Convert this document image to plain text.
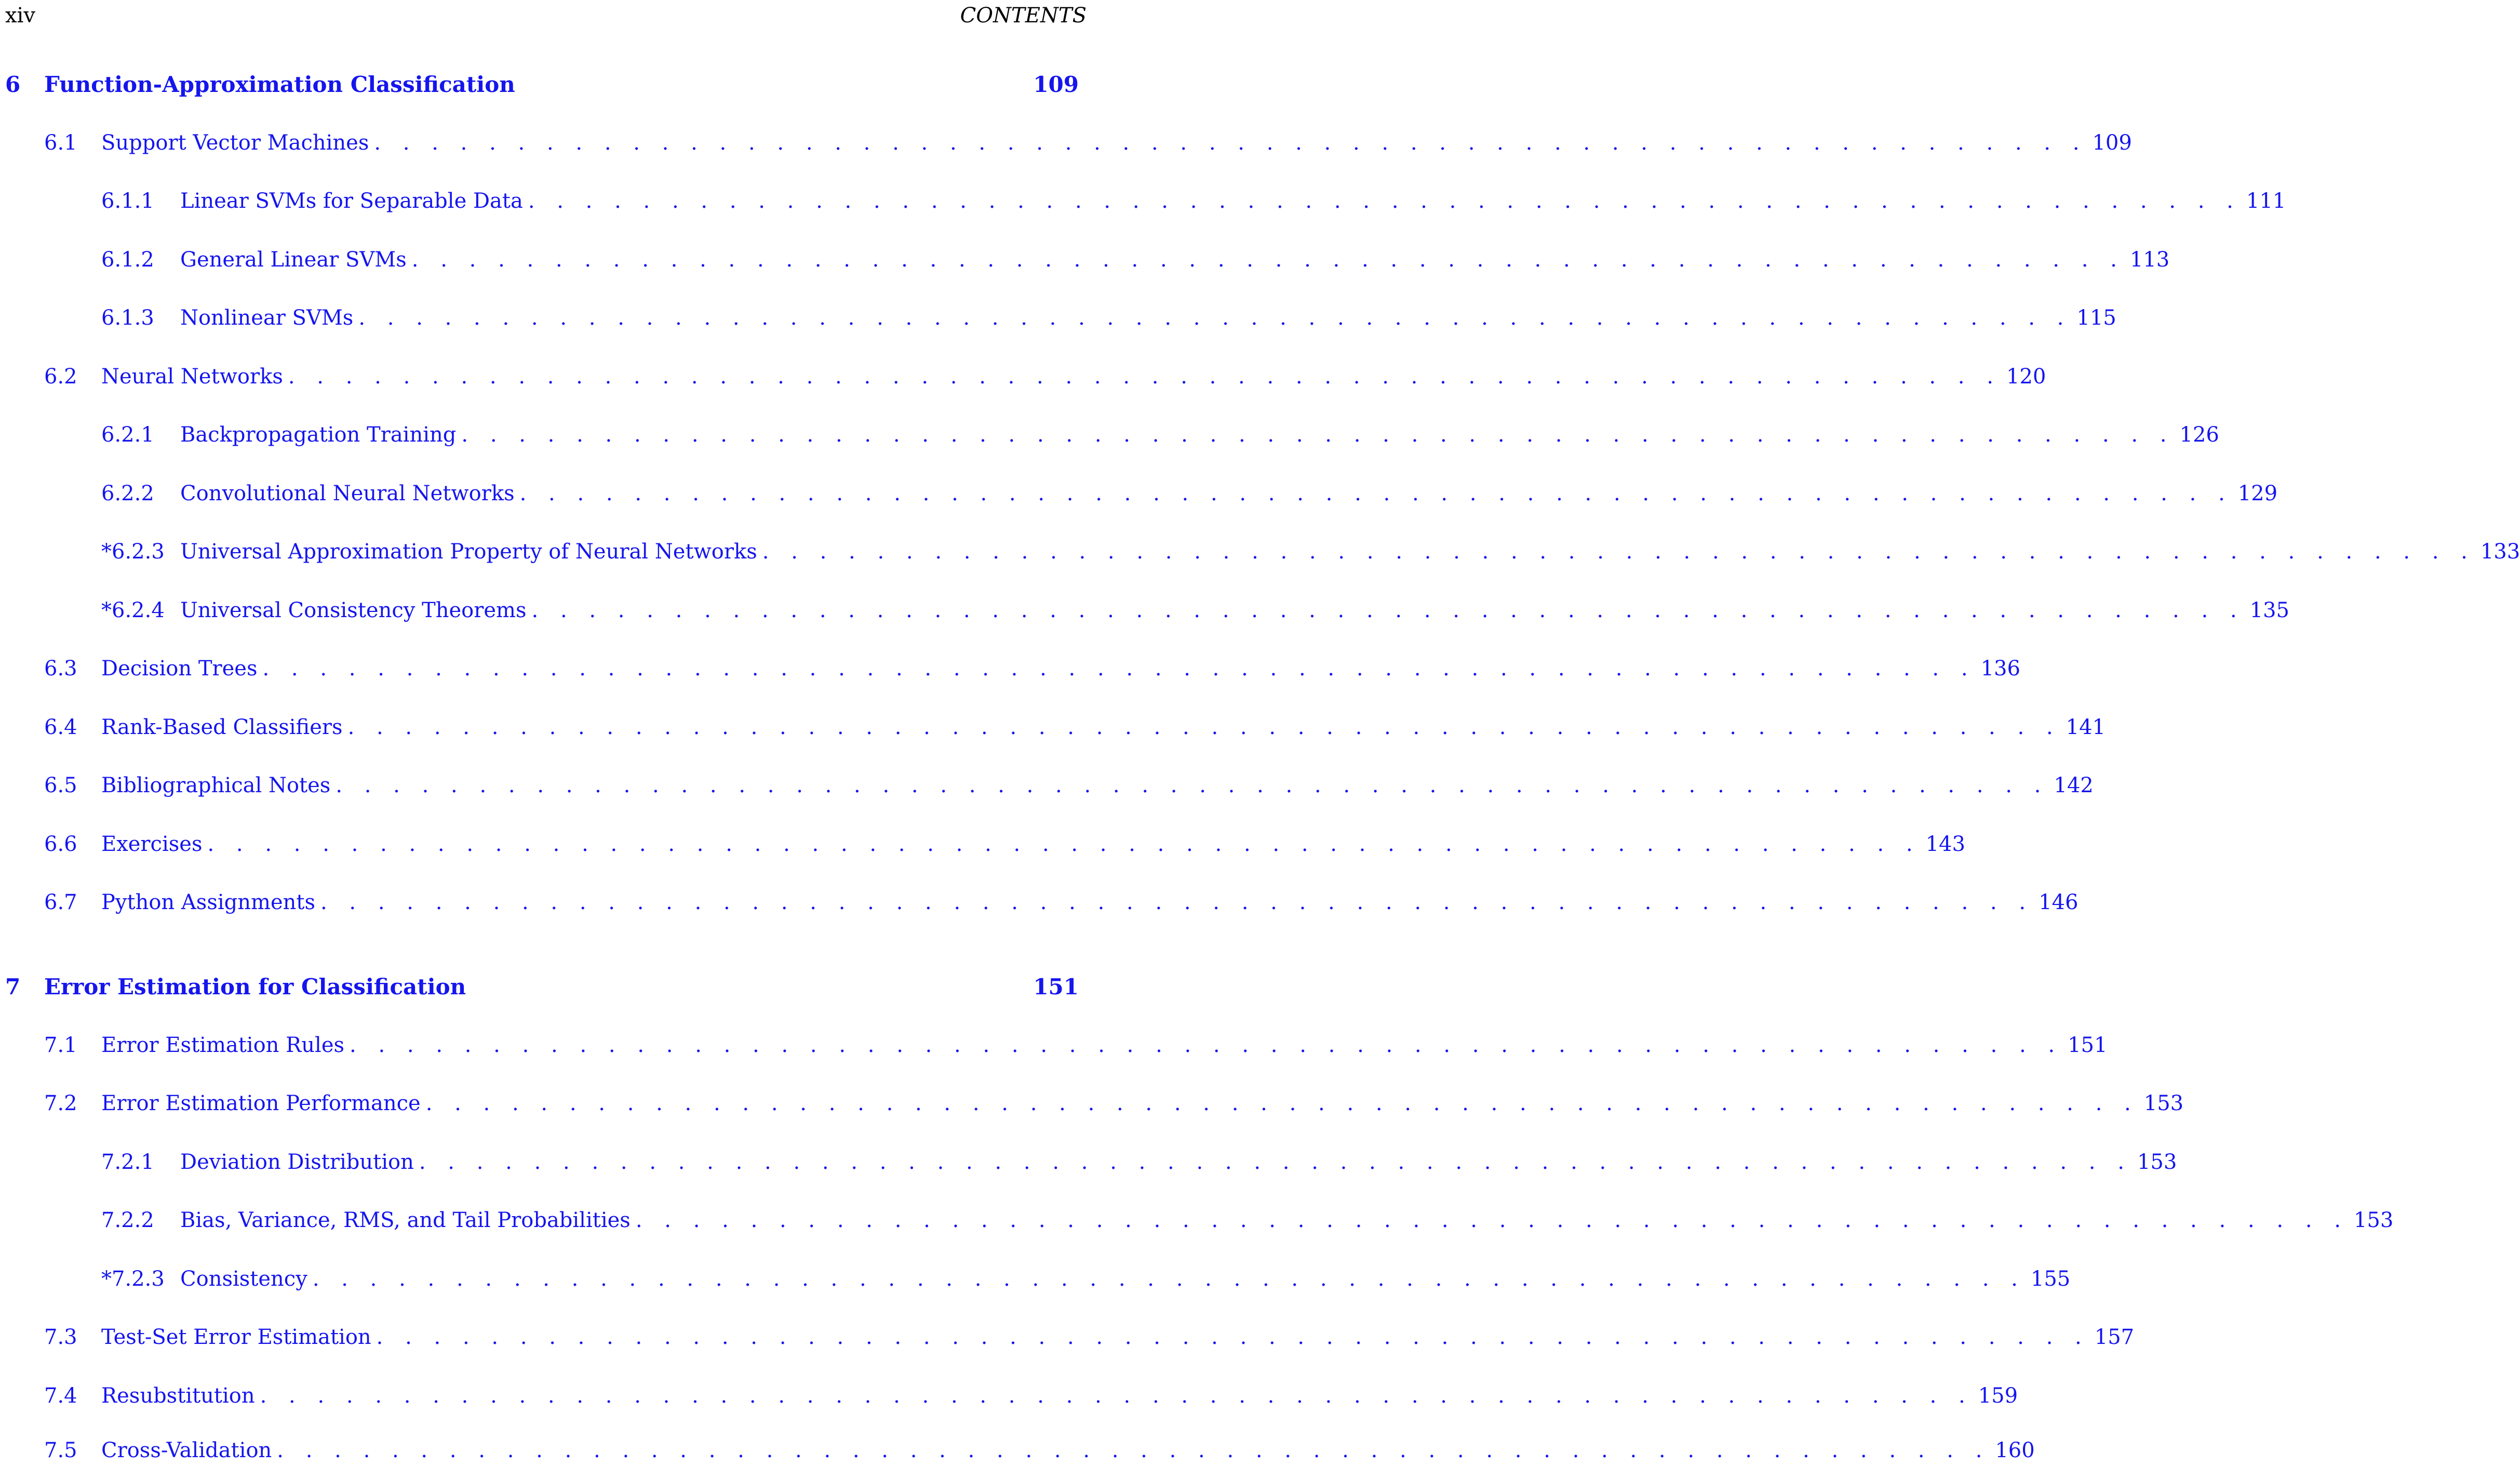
xiv	CONTENTS
6	Function-Approximation Classification	109
6.1	Support Vector Machines . . . . . . . . . . . . . . . . . . . . . . . . . . . . . . . . . . . . . . . . . . . . . . . . . . . . . . . . . . . . 109
6.1.1	Linear SVMs for Separable Data . . . . . . . . . . . . . . . . . . . . . . . . . . . . . . . . . . . . . . . . . . . . . . . . . . . . . . . . . . . . 111
6.1.2	General Linear SVMs . . . . . . . . . . . . . . . . . . . . . . . . . . . . . . . . . . . . . . . . . . . . . . . . . . . . . . . . . . . . 113
6.1.3	Nonlinear SVMs . . . . . . . . . . . . . . . . . . . . . . . . . . . . . . . . . . . . . . . . . . . . . . . . . . . . . . . . . . . . 115
6.2	Neural Networks . . . . . . . . . . . . . . . . . . . . . . . . . . . . . . . . . . . . . . . . . . . . . . . . . . . . . . . . . . . . 120
6.2.1	Backpropagation Training . . . . . . . . . . . . . . . . . . . . . . . . . . . . . . . . . . . . . . . . . . . . . . . . . . . . . . . . . . . . 126
6.2.2	Convolutional Neural Networks . . . . . . . . . . . . . . . . . . . . . . . . . . . . . . . . . . . . . . . . . . . . . . . . . . . . . . . . . . . . 129
*6.2.3 Universal Approximation Property of Neural Networks . . . . . . . . . . . . . . . . . . . . . . . . . . . . . . . . . . . . . . . . . . . . . . . . . . . . . . . . . . . . 133
*6.2.4 Universal Consistency Theorems . . . . . . . . . . . . . . . . . . . . . . . . . . . . . . . . . . . . . . . . . . . . . . . . . . . . . . . . . . . . 135
6.3	Decision Trees . . . . . . . . . . . . . . . . . . . . . . . . . . . . . . . . . . . . . . . . . . . . . . . . . . . . . . . . . . . . 136
6.4	Rank-Based Classifiers . . . . . . . . . . . . . . . . . . . . . . . . . . . . . . . . . . . . . . . . . . . . . . . . . . . . . . . . . . . . 141
6.5	Bibliographical Notes . . . . . . . . . . . . . . . . . . . . . . . . . . . . . . . . . . . . . . . . . . . . . . . . . . . . . . . . . . . . 142
6.6	Exercises . . . . . . . . . . . . . . . . . . . . . . . . . . . . . . . . . . . . . . . . . . . . . . . . . . . . . . . . . . . . 143
6.7	Python Assignments . . . . . . . . . . . . . . . . . . . . . . . . . . . . . . . . . . . . . . . . . . . . . . . . . . . . . . . . . . . . 146
7	Error Estimation for Classification	151
7.1	Error Estimation Rules . . . . . . . . . . . . . . . . . . . . . . . . . . . . . . . . . . . . . . . . . . . . . . . . . . . . . . . . . . . . 151
7.2	Error Estimation Performance . . . . . . . . . . . . . . . . . . . . . . . . . . . . . . . . . . . . . . . . . . . . . . . . . . . . . . . . . . . . 153
7.2.1	Deviation Distribution . . . . . . . . . . . . . . . . . . . . . . . . . . . . . . . . . . . . . . . . . . . . . . . . . . . . . . . . . . . . 153
7.2.2	Bias, Variance, RMS, and Tail Probabilities . . . . . . . . . . . . . . . . . . . . . . . . . . . . . . . . . . . . . . . . . . . . . . . . . . . . . . . . . . . . 153
*7.2.3 Consistency . . . . . . . . . . . . . . . . . . . . . . . . . . . . . . . . . . . . . . . . . . . . . . . . . . . . . . . . . . . . 155
7.3	Test-Set Error Estimation . . . . . . . . . . . . . . . . . . . . . . . . . . . . . . . . . . . . . . . . . . . . . . . . . . . . . . . . . . . . 157
7.4	Resubstitution . . . . . . . . . . . . . . . . . . . . . . . . . . . . . . . . . . . . . . . . . . . . . . . . . . . . . . . . . . . . 159
7.5	Cross-Validation . . . . . . . . . . . . . . . . . . . . . . . . . . . . . . . . . . . . . . . . . . . . . . . . . . . . . . . . . . . . 160
